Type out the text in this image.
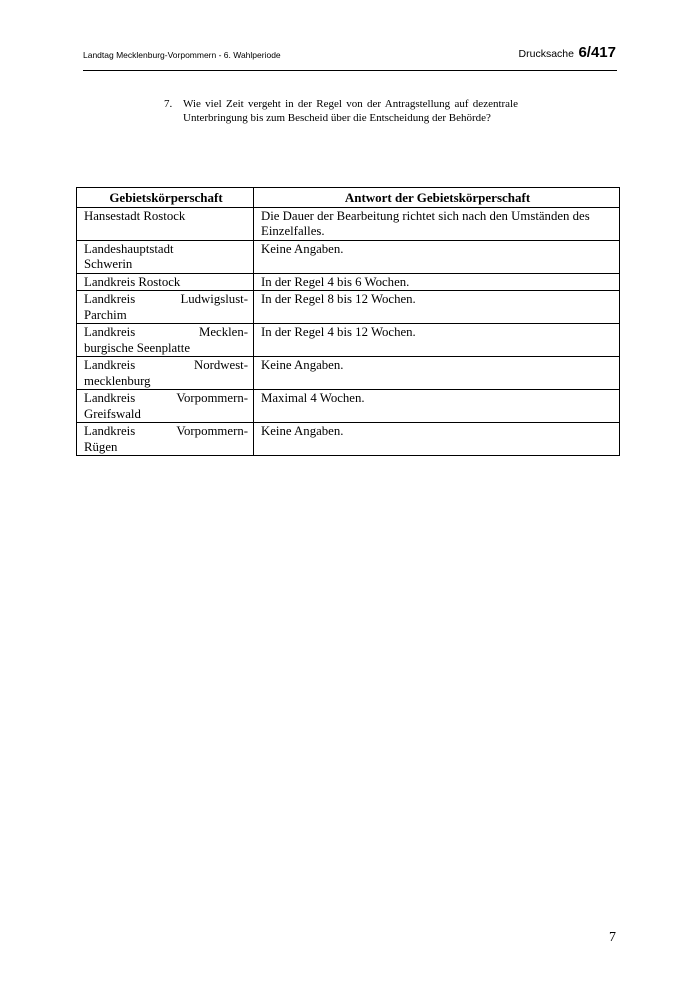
Landtag Mecklenburg-Vorpommern - 6. Wahlperiode	Drucksache 6/417
7. Wie viel Zeit vergeht in der Regel von der Antragstellung auf dezentrale Unterbringung bis zum Bescheid über die Entscheidung der Behörde?
Gebietskörperschaft	Antwort der Gebietskörperschaft
Hansestadt Rostock	Die Dauer der Bearbeitung richtet sich nach den Umständen des Einzelfalles.
Landeshauptstadt
Schwerin	Keine Angaben.
Landkreis Rostock	In der Regel 4 bis 6 Wochen.

Landkreis Ludwigslust-
Parchim	In der Regel 8 bis 12 Wochen.

Landkreis Mecklen-
burgische Seenplatte	In der Regel 4 bis 12 Wochen.

Landkreis Nordwest-
mecklenburg	Keine Angaben.

Landkreis Vorpommern-
Greifswald	Maximal 4 Wochen.

Landkreis Vorpommern-
Rügen	Keine Angaben.
7
